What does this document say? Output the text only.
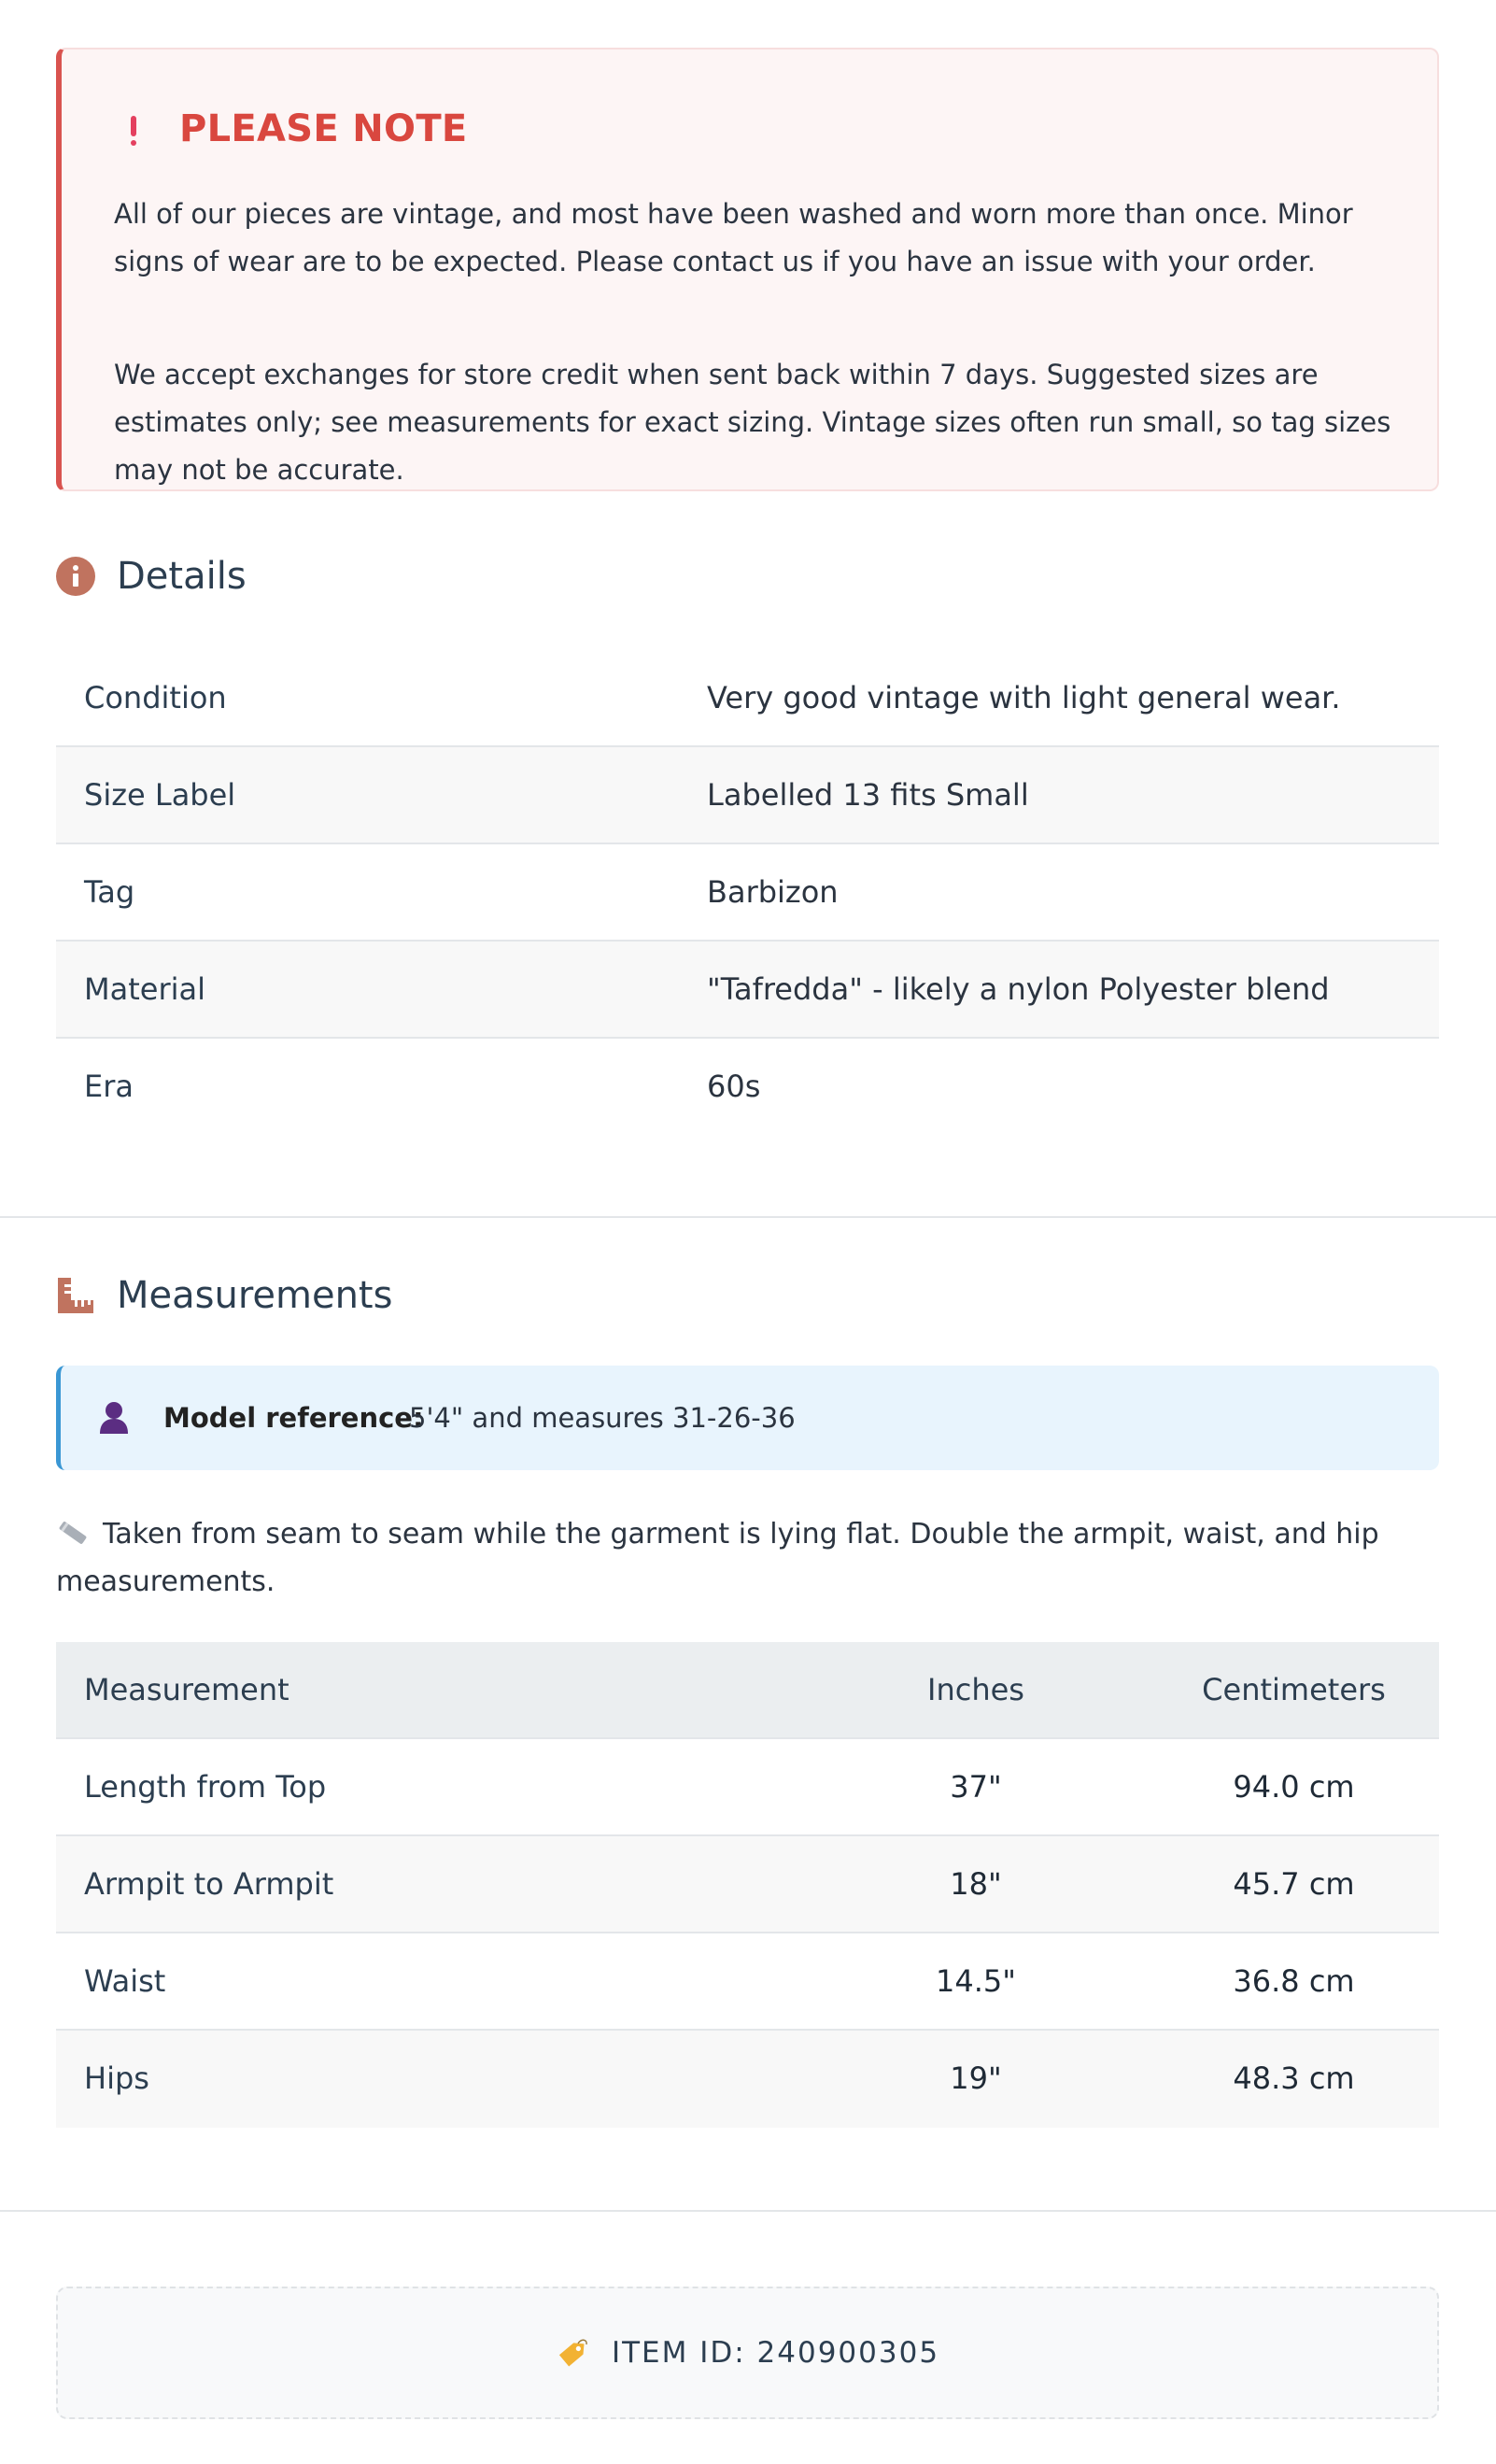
PLEASE NOTE

All of our pieces are vintage, and most have been washed and worn more than once. Minor signs of wear are to be expected. Please contact us if you have an issue with your order.

We accept exchanges for store credit when sent back within 7 days. Suggested sizes are estimates only; see measurements for exact sizing. Vintage sizes often run small, so tag sizes may not be accurate.

Details
Condition	Very good vintage with light general wear.
Size Label	Labelled 13 fits Small
Tag	Barbizon
Material	"Tafredda" - likely a nylon Polyester blend
Era	60s
Measurements
Model reference:
5'4" and measures 31-26-36

Taken from seam to seam while the garment is lying flat. Double the armpit, waist, and hip measurements.

Measurement	Inches	Centimeters
Length from Top	37"	94.0 cm
Armpit to Armpit	18"	45.7 cm
Waist	14.5"	36.8 cm
Hips	19"	48.3 cm
ITEM ID: 240900305
